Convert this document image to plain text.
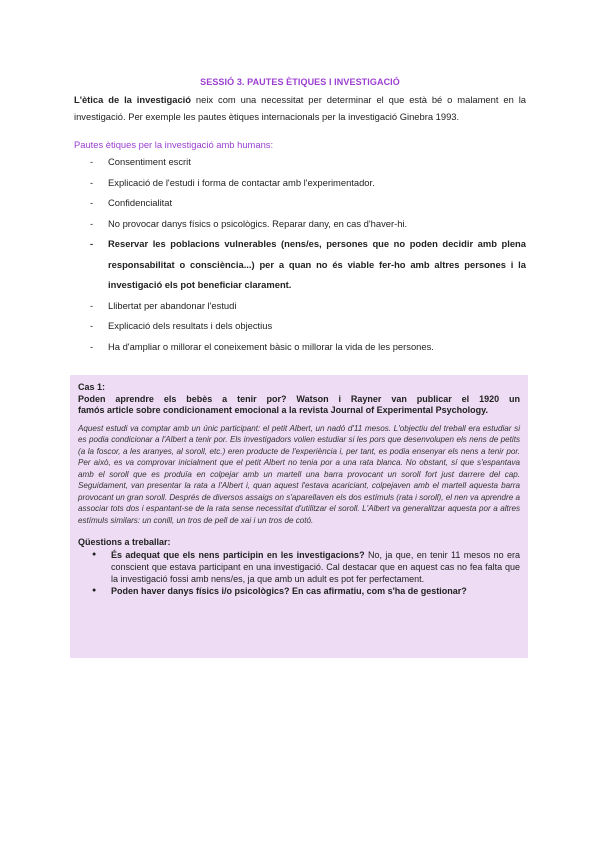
SESSIÓ 3. PAUTES ÈTIQUES I INVESTIGACIÓ
L'ètica de la investigació neix com una necessitat per determinar el que està bé o malament en la investigació. Per exemple les pautes ètiques internacionals per la investigació Ginebra 1993.
Pautes ètiques per la investigació amb humans:
- Consentiment escrit
- Explicació de l'estudi i forma de contactar amb l'experimentador.
- Confidencialitat
- No provocar danys físics o psicològics. Reparar dany, en cas d'haver-hi.
- Reservar les poblacions vulnerables (nens/es, persones que no poden decidir amb plena responsabilitat o consciència...) per a quan no és viable fer-ho amb altres persones i la investigació els pot beneficiar clarament.
- Llibertat per abandonar l'estudi
- Explicació dels resultats i dels objectius
- Ha d'ampliar o millorar el coneixement bàsic o millorar la vida de les persones.
Cas 1:
Poden aprendre els bebès a tenir por? Watson i Rayner van publicar el 1920 un
famós article sobre condicionament emocional a la revista Journal of Experimental Psychology.
Aquest estudi va comptar amb un únic participant: el petit Albert, un nadó d'11 mesos. L'objectiu del treball era estudiar si es podia condicionar a l'Albert a tenir por. Els investigadors volien estudiar si les pors que desenvolupen els nens de petits (a la foscor, a les aranyes, al soroll, etc.) eren producte de l'experiència i, per tant, es podia ensenyar els nens a tenir por. Per això, es va comprovar inicialment que el petit Albert no tenia por a una rata blanca. No obstant, sí que s'espantava amb el soroll que es produïa en colpejar amb un martell una barra provocant un soroll fort just darrere del cap. Seguidament, van presentar la rata a l'Albert i, quan aquest l'estava acariciant, colpejaven amb el martell aquesta barra provocant un gran soroll. Després de diversos assaigs on s'aparellaven els dos estímuls (rata i soroll), el nen va aprendre a associar tots dos i espantant-se de la rata sense necessitat d'utilitzar el soroll. L'Albert va generalitzar aquesta por a altres estímuls similars: un conill, un tros de pell de xai i un tros de cotó.
Qüestions a treballar:
● És adequat que els nens participin en les investigacions? No, ja que, en tenir 11 mesos no era conscient que estava participant en una investigació. Cal destacar que en aquest cas no fea falta que la investigació fossi amb nens/es, ja que amb un adult es pot fer perfectament.
● Poden haver danys físics i/o psicològics? En cas afirmatiu, com s'ha de gestionar?
